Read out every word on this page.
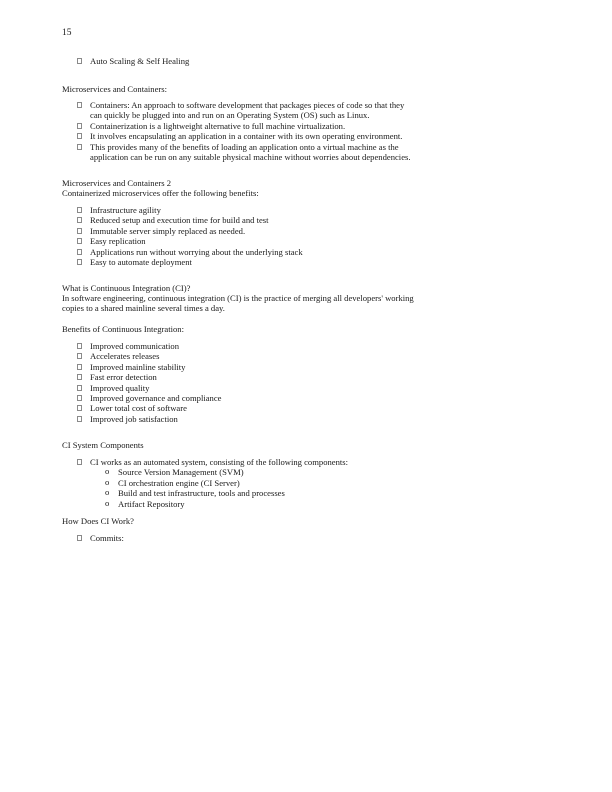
15
Auto Scaling & Self Healing
Microservices and Containers:
Containers: An approach to software development that packages pieces of code so that they can quickly be plugged into and run on an Operating System (OS) such as Linux.
Containerization is a lightweight alternative to full machine virtualization.
It involves encapsulating an application in a container with its own operating environment.
This provides many of the benefits of loading an application onto a virtual machine as the application can be run on any suitable physical machine without worries about dependencies.
Microservices and Containers 2
Containerized microservices offer the following benefits:
Infrastructure agility
Reduced setup and execution time for build and test
Immutable server simply replaced as needed.
Easy replication
Applications run without worrying about the underlying stack
Easy to automate deployment
What is Continuous Integration (CI)?
In software engineering, continuous integration (CI) is the practice of merging all developers' working copies to a shared mainline several times a day.
Benefits of Continuous Integration:
Improved communication
Accelerates releases
Improved mainline stability
Fast error detection
Improved quality
Improved governance and compliance
Lower total cost of software
Improved job satisfaction
CI System Components
CI works as an automated system, consisting of the following components:
o Source Version Management (SVM)
o CI orchestration engine (CI Server)
o Build and test infrastructure, tools and processes
o Artifact Repository
How Does CI Work?
Commits:
